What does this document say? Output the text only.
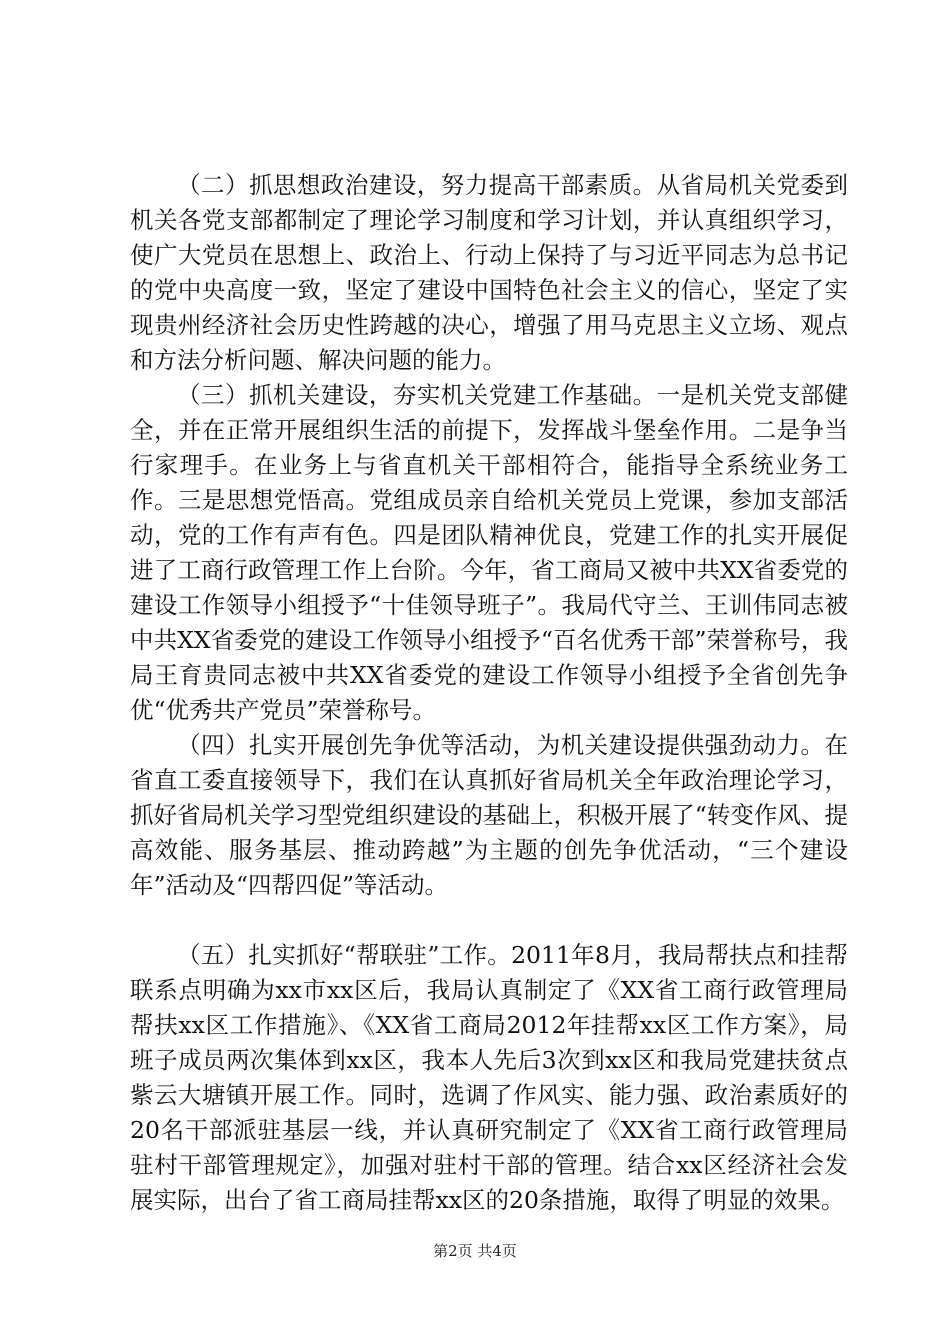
（二）抓思想政治建设，努力提高干部素质。从省局机关党委到机关各党支部都制定了理论学习制度和学习计划，并认真组织学习，使广大党员在思想上、政治上、行动上保持了与习近平同志为总书记的党中央高度一致，坚定了建设中国特色社会主义的信心，坚定了实现贵州经济社会历史性跨越的决心，增强了用马克思主义立场、观点和方法分析问题、解决问题的能力。

（三）抓机关建设，夯实机关党建工作基础。一是机关党支部健全，并在正常开展组织生活的前提下，发挥战斗堡垒作用。二是争当行家理手。在业务上与省直机关干部相符合，能指导全系统业务工作。三是思想党悟高。党组成员亲自给机关党员上党课，参加支部活动，党的工作有声有色。四是团队精神优良，党建工作的扎实开展促进了工商行政管理工作上台阶。今年，省工商局又被中共XX省委党的建设工作领导小组授予“十佳领导班子”。我局代守兰、王训伟同志被中共XX省委党的建设工作领导小组授予“百名优秀干部”荣誉称号，我局王育贵同志被中共XX省委党的建设工作领导小组授予全省创先争优“优秀共产党员”荣誉称号。

（四）扎实开展创先争优等活动，为机关建设提供强劲动力。在省直工委直接领导下，我们在认真抓好省局机关全年政治理论学习，抓好省局机关学习型党组织建设的基础上，积极开展了“转变作风、提高效能、服务基层、推动跨越”为主题的创先争优活动，“三个建设年”活动及“四帮四促”等活动。

（五）扎实抓好“帮联驻”工作。2011年8月，我局帮扶点和挂帮联系点明确为xx市xx区后，我局认真制定了《XX省工商行政管理局帮扶xx区工作措施》、《XX省工商局2012年挂帮xx区工作方案》，局班子成员两次集体到xx区，我本人先后3次到xx区和我局党建扶贫点紫云大塘镇开展工作。同时，选调了作风实、能力强、政治素质好的20名干部派驻基层一线，并认真研究制定了《XX省工商行政管理局驻村干部管理规定》，加强对驻村干部的管理。结合xx区经济社会发展实际，出台了省工商局挂帮xx区的20条措施，取得了明显的效果。

第2页 共4页
